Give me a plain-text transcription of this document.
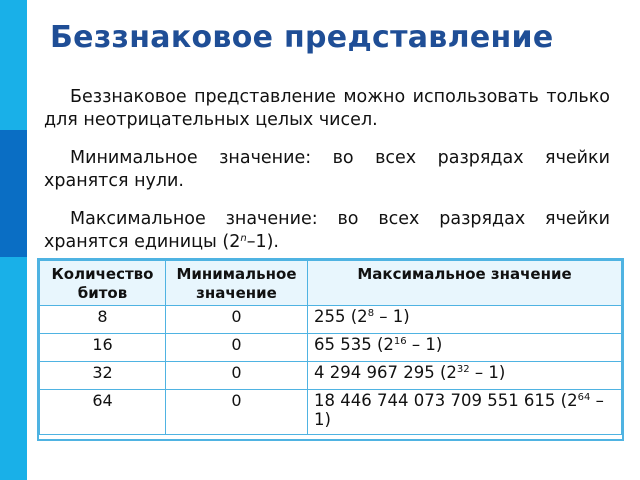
Беззнаковое представление

Беззнаковое представление можно использовать только для неотрицательных целых чисел.

Минимальное значение: во всех разрядах ячейки хранятся нули.

Максимальное значение: во всех разрядах ячейки хранятся единицы (2$^n$–1).

Количество битов	Минимальное значение	Максимальное значение
8	0	255 $(2^8 - 1)$
16	0	65 535 $(2^{16} - 1)$
32	0	4 294 967 295 $(2^{32} - 1)$
64	0	18 446 744 073 709 551 615 $(2^{64} - 1)$
